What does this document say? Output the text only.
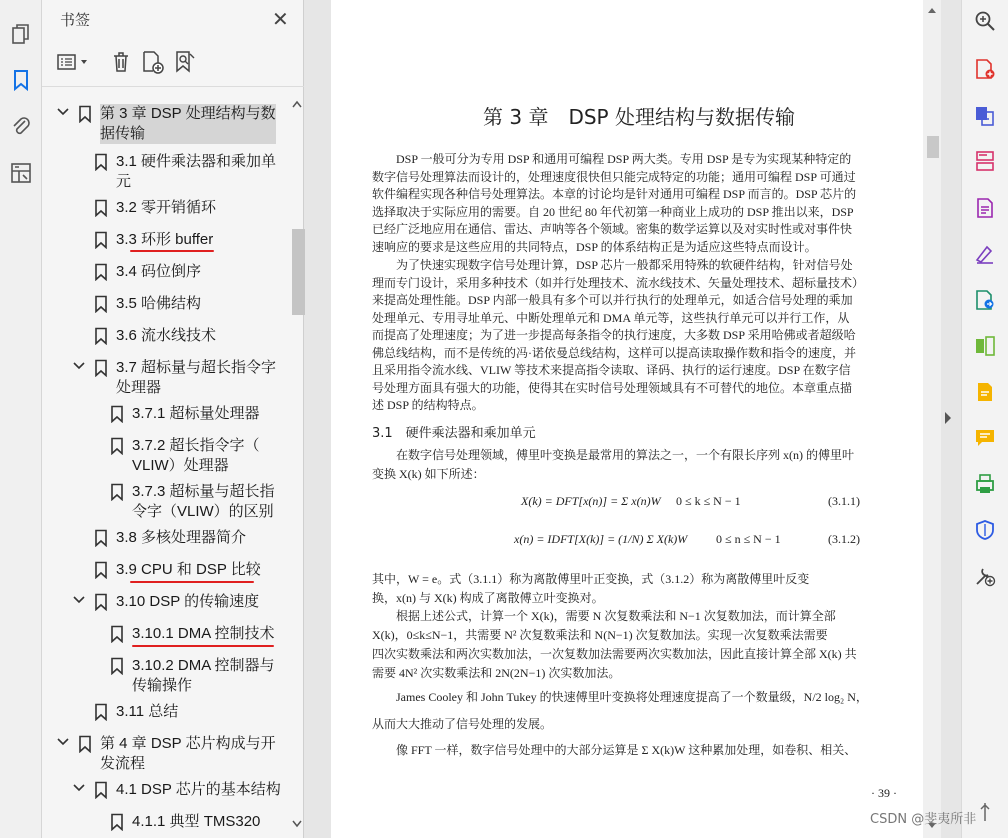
书签	✕
第 3 章 DSP 处理结构与数
据传输
3.1 硬件乘法器和乘加单
元
3.2 零开销循环
3.3 环形 buffer
3.4 码位倒序
3.5 哈佛结构
3.6 流水线技术
3.7 超标量与超长指令字
处理器
3.7.1 超标量处理器
3.7.2 超长指令字（
VLIW）处理器
3.7.3 超标量与超长指
令字（VLIW）的区别
3.8 多核处理器简介
3.9 CPU 和 DSP 比较
3.10 DSP 的传输速度
3.10.1 DMA 控制技术
3.10.2 DMA 控制器与
传输操作
3.11 总结
第 4 章 DSP 芯片构成与开
发流程
4.1 DSP 芯片的基本结构
4.1.1 典型 TMS320
第 3 章　DSP 处理结构与数据传输
DSP 一般可分为专用 DSP 和通用可编程 DSP 两大类。专用 DSP 是专为实现某种特定的
数字信号处理算法而设计的，处理速度很快但只能完成特定的功能；通用可编程 DSP 可通过
软件编程实现各种信号处理算法。本章的讨论均是针对通用可编程 DSP 而言的。DSP 芯片的
选择取决于实际应用的需要。自 20 世纪 80 年代初第一种商业上成功的 DSP 推出以来，DSP
已经广泛地应用在通信、雷达、声呐等各个领域。密集的数学运算以及对实时性或对事件快
速响应的要求是这些应用的共同特点，DSP 的体系结构正是为适应这些特点而设计。
为了快速实现数字信号处理计算，DSP 芯片一般都采用特殊的软硬件结构，针对信号处
理而专门设计，采用多种技术（如并行处理技术、流水线技术、矢量处理技术、超标量技术）
来提高处理性能。DSP 内部一般具有多个可以并行执行的处理单元，如适合信号处理的乘加
处理单元、专用寻址单元、中断处理单元和 DMA 单元等，这些执行单元可以并行工作，从
而提高了处理速度；为了进一步提高每条指令的执行速度，大多数 DSP 采用哈佛或者超级哈
佛总线结构，而不是传统的冯·诺依曼总线结构，这样可以提高读取操作数和指令的速度，并
且采用指令流水线、VLIW 等技术来提高指令读取、译码、执行的运行速度。DSP 在数字信
号处理方面具有强大的功能，使得其在实时信号处理领域具有不可替代的地位。本章重点描
述 DSP 的结构特点。
在数字信号处理领域，傅里叶变换是最常用的算法之一，一个有限长序列 x(n) 的傅里叶
变换 X(k) 如下所述：
其中，W = e。式（3.1.1）称为离散傅里叶正变换，式（3.1.2）称为离散傅里叶反变
换，x(n) 与 X(k) 构成了离散傅立叶变换对。
根据上述公式，计算一个 X(k)，需要 N 次复数乘法和 N−1 次复数加法，而计算全部
X(k)，0≤k≤N−1，共需要 N² 次复数乘法和 N(N−1) 次复数加法。实现一次复数乘法需要
四次实数乘法和两次实数加法，一次复数加法需要两次实数加法，因此直接计算全部 X(k) 共
需要 4N² 次实数乘法和 2N(2N−1) 次实数加法。
James Cooley 和 John Tukey 的快速傅里叶变换将处理速度提高了一个数量级，N/2 log₂ N，
从而大大推动了信号处理的发展。
像 FFT 一样，数字信号处理中的大部分运算是 Σ X(k)W 这种累加处理，如卷积、相关、
3.1　硬件乘法器和乘加单元
X(k) = DFT[x(n)] = Σ x(n)W 0 ≤ k ≤ N − 1	(3.1.1)
x(n) = IDFT[X(k)] = (1/N) Σ X(k)W 0 ≤ n ≤ N − 1	(3.1.2)
· 39 ·
CSDN @斐夷所非
